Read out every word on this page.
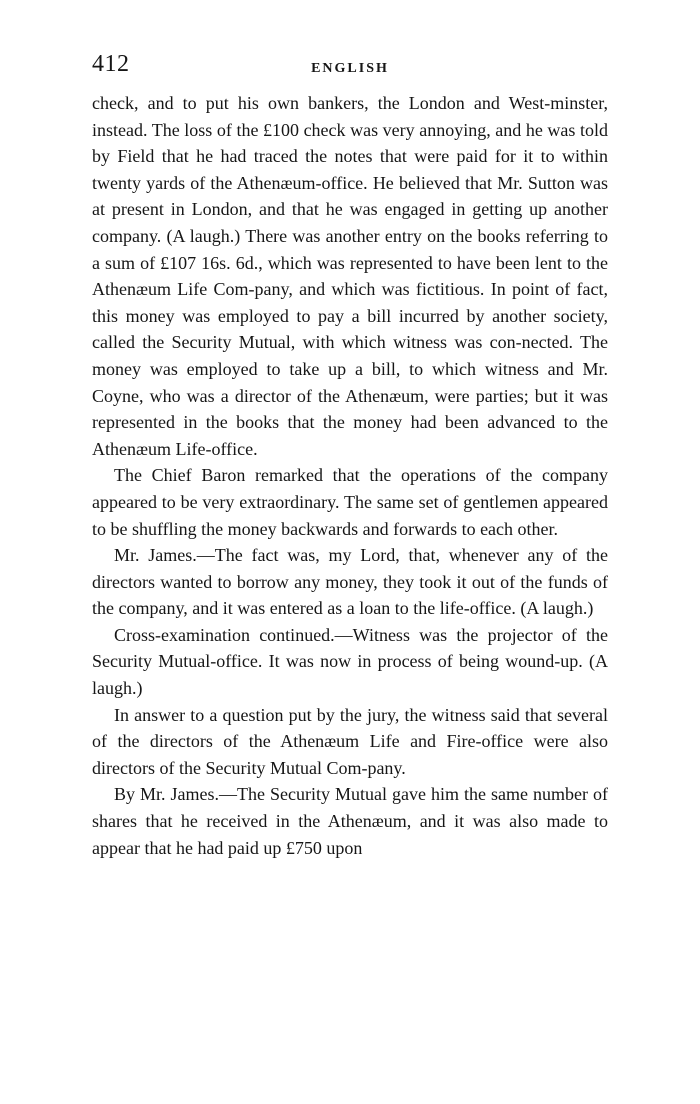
412	ENGLISH

check, and to put his own bankers, the London and West-minster, instead. The loss of the £100 check was very annoying, and he was told by Field that he had traced the notes that were paid for it to within twenty yards of the Athenæum-office. He believed that Mr. Sutton was at present in London, and that he was engaged in getting up another company. (A laugh.) There was another entry on the books referring to a sum of £107 16s. 6d., which was represented to have been lent to the Athenæum Life Com-pany, and which was fictitious. In point of fact, this money was employed to pay a bill incurred by another society, called the Security Mutual, with which witness was con-nected. The money was employed to take up a bill, to which witness and Mr. Coyne, who was a director of the Athenæum, were parties; but it was represented in the books that the money had been advanced to the Athenæum Life-office.

The Chief Baron remarked that the operations of the company appeared to be very extraordinary. The same set of gentlemen appeared to be shuffling the money backwards and forwards to each other.

Mr. James.—The fact was, my Lord, that, whenever any of the directors wanted to borrow any money, they took it out of the funds of the company, and it was entered as a loan to the life-office. (A laugh.)

Cross-examination continued.—Witness was the projector of the Security Mutual-office. It was now in process of being wound-up. (A laugh.)

In answer to a question put by the jury, the witness said that several of the directors of the Athenæum Life and Fire-office were also directors of the Security Mutual Com-pany.

By Mr. James.—The Security Mutual gave him the same number of shares that he received in the Athenæum, and it was also made to appear that he had paid up £750 upon
